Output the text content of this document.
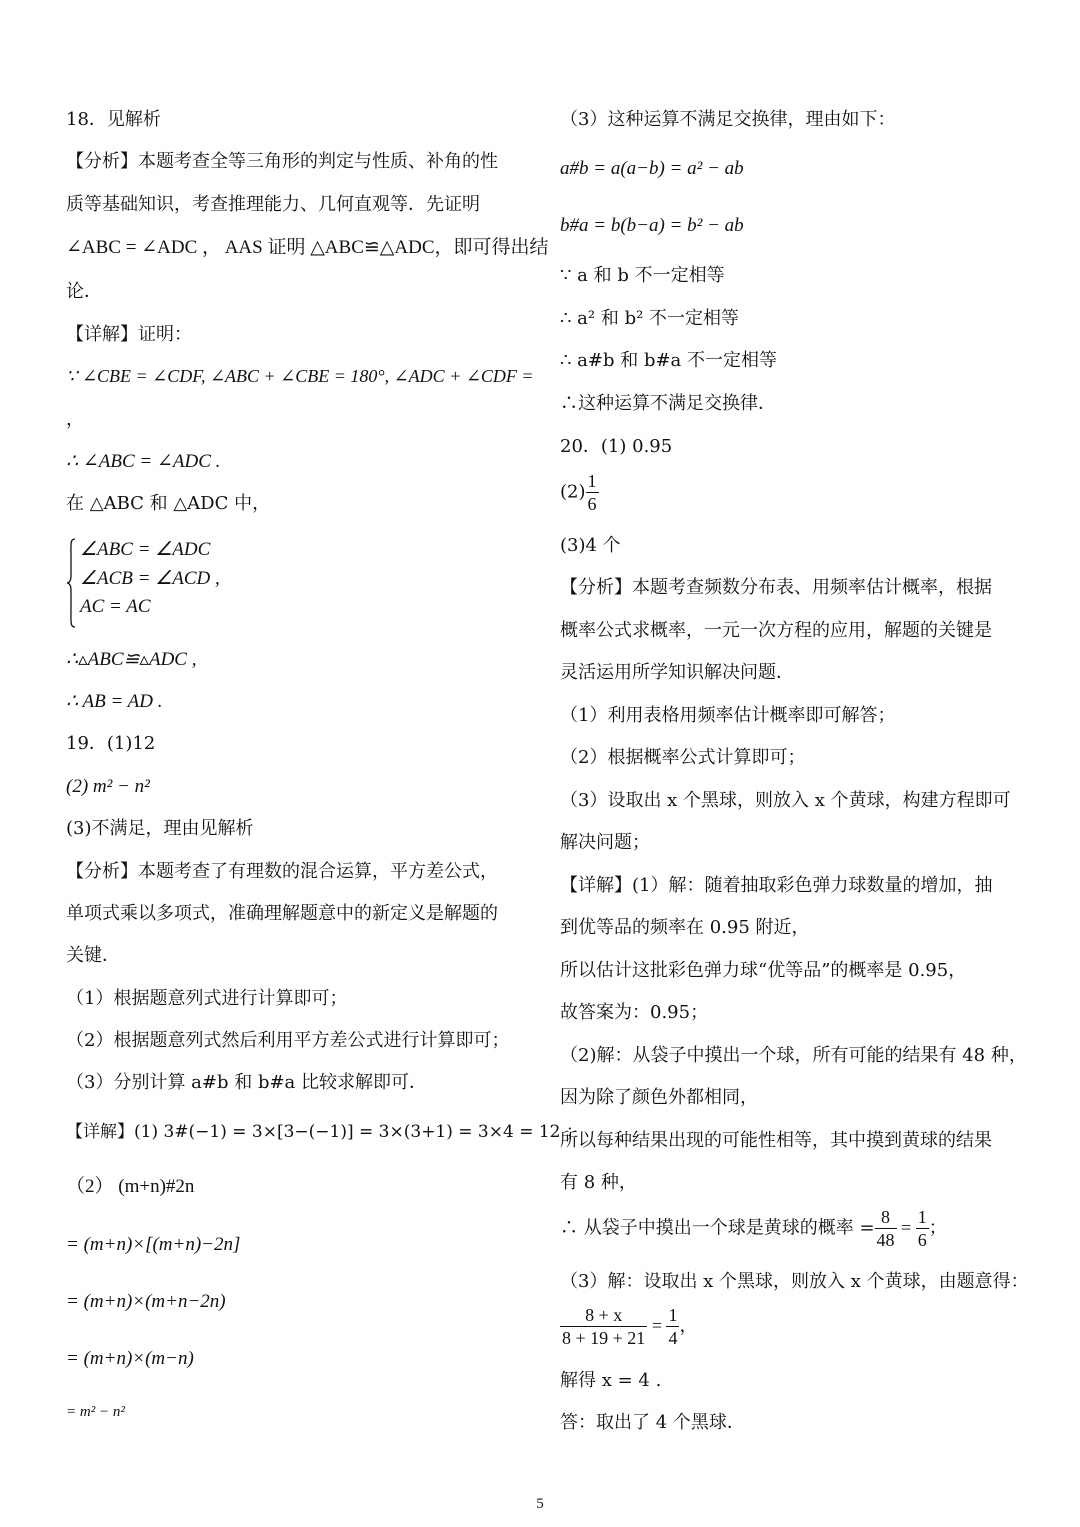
18．见解析
【分析】本题考查全等三角形的判定与性质、补角的性
质等基础知识，考查推理能力、几何直观等．先证明
∠ABC = ∠ADC ， AAS 证明 △ABC≌△ADC，即可得出结
论．
【详解】证明：
∵ ∠CBE = ∠CDF, ∠ABC + ∠CBE = 180°, ∠ADC + ∠CDF =
，
∴ ∠ABC = ∠ADC .
在 △ABC 和 △ADC 中，
∠ABC = ∠ADC
∠ACB = ∠ACD ,
AC = AC
∴▵ABC≌▵ADC ,
∴ AB = AD .
19．(1)12
(2) m² − n²
(3)不满足，理由见解析
【分析】本题考查了有理数的混合运算，平方差公式，
单项式乘以多项式，准确理解题意中的新定义是解题的
关键．
（1）根据题意列式进行计算即可；
（2）根据题意列式然后利用平方差公式进行计算即可；
（3）分别计算 a#b 和 b#a 比较求解即可．
【详解】(1) 3#(−1) = 3×[3−(−1)] = 3×(3+1) = 3×4 = 12 ；
（2） (m+n)#2n
= (m+n)×[(m+n)−2n]
= (m+n)×(m+n−2n)
= (m+n)×(m−n)
= m² − n²
（3）这种运算不满足交换律，理由如下：
a#b = a(a−b) = a² − ab
b#a = b(b−a) = b² − ab
∵ a 和 b 不一定相等
∴ a² 和 b² 不一定相等
∴ a#b 和 b#a 不一定相等
∴这种运算不满足交换律．
20．(1) 0.95
$(2) \frac{1}{6}$
(3)4 个
【分析】本题考查频数分布表、用频率估计概率，根据
概率公式求概率，一元一次方程的应用，解题的关键是
灵活运用所学知识解决问题．
（1）利用表格用频率估计概率即可解答；
（2）根据概率公式计算即可；
（3）设取出 x 个黑球，则放入 x 个黄球，构建方程即可
解决问题；
【详解】(1）解：随着抽取彩色弹力球数量的增加，抽
到优等品的频率在 0.95 附近，
所以估计这批彩色弹力球“优等品”的概率是 0.95，
故答案为：0.95；
（2)解：从袋子中摸出一个球，所有可能的结果有 48 种，
因为除了颜色外都相同，
所以每种结果出现的可能性相等，其中摸到黄球的结果
有 8 种，
∴ 从袋子中摸出一个球是黄球的概率 = $\frac{8}{48} = \frac{1}{6}$ ；
（3）解：设取出 x 个黑球，则放入 x 个黄球，由题意得：
$\frac{8 + x}{8 + 19 + 21} = \frac{1}{4}$ ，
解得 x = 4 .
答：取出了 4 个黑球．
5
